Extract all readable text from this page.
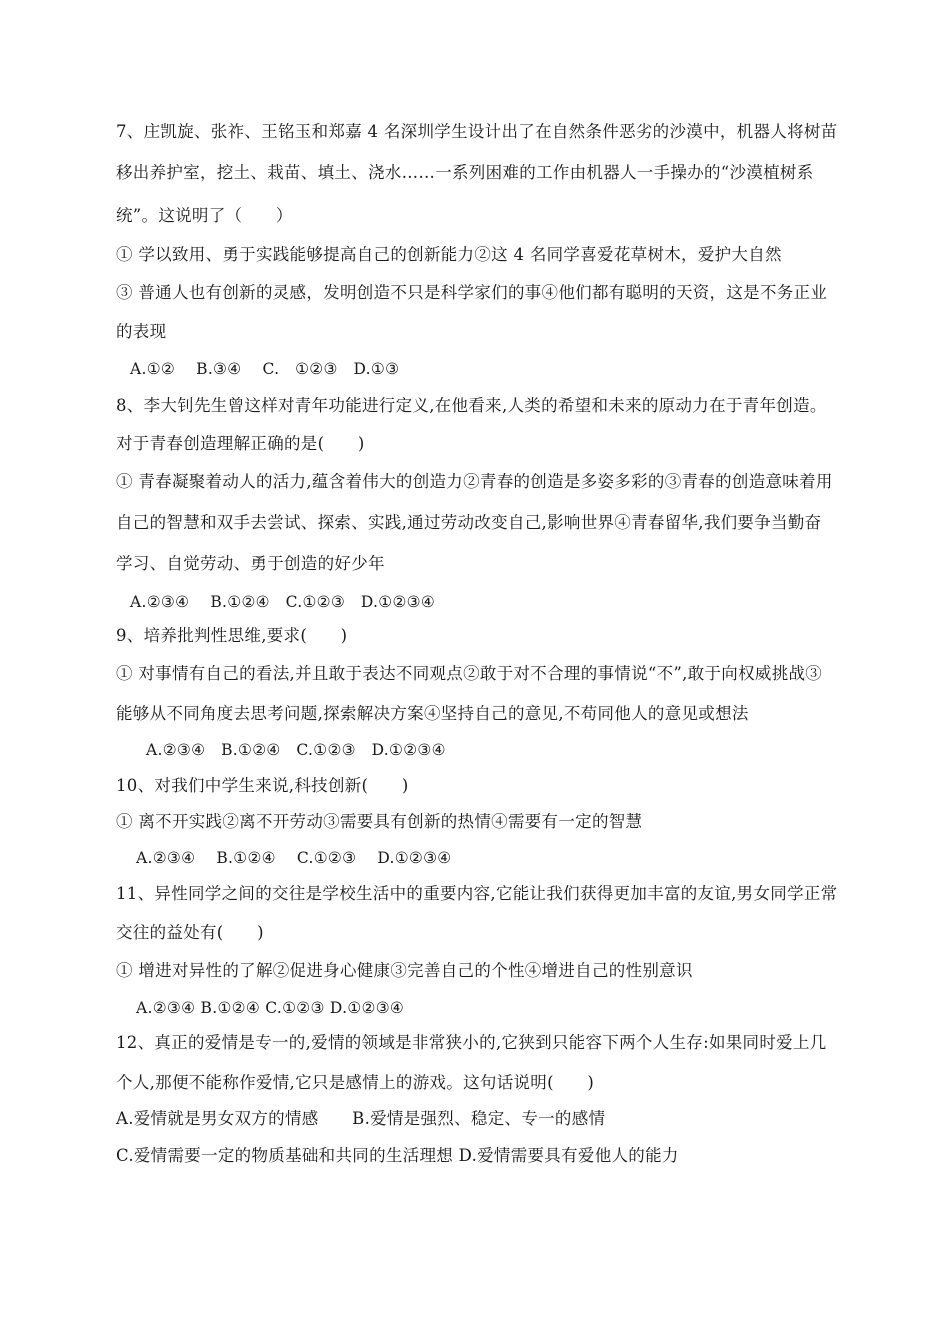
7、庄凯旋、张祚、王铭玉和郑嘉 4 名深圳学生设计出了在自然条件恶劣的沙漠中，机器人将树苗
移出养护室，挖土、栽苗、填土、浇水……一系列困难的工作由机器人一手操办的“沙漠植树系
统”。这说明了（　　）
① 学以致用、勇于实践能够提高自己的创新能力②这 4 名同学喜爱花草树木，爱护大自然
③ 普通人也有创新的灵感，发明创造不只是科学家们的事④他们都有聪明的天资，这是不务正业
的表现
A.①②　 B.③④　 C.　①②③　D.①③
8、李大钊先生曾这样对青年功能进行定义,在他看来,人类的希望和未来的原动力在于青年创造。
对于青春创造理解正确的是(　　)
① 青春凝聚着动人的活力,蕴含着伟大的创造力②青春的创造是多姿多彩的③青春的创造意味着用
自己的智慧和双手去尝试、探索、实践,通过劳动改变自己,影响世界④青春留华,我们要争当勤奋
学习、自觉劳动、勇于创造的好少年
A.②③④　 B.①②④　C.①②③　D.①②③④
9、培养批判性思维,要求(　　)
① 对事情有自己的看法,并且敢于表达不同观点②敢于对不合理的事情说“不”,敢于向权威挑战③
能够从不同角度去思考问题,探索解决方案④坚持自己的意见,不苟同他人的意见或想法
A.②③④　B.①②④　C.①②③　D.①②③④
10、对我们中学生来说,科技创新(　　)
① 离不开实践②离不开劳动③需要具有创新的热情④需要有一定的智慧
A.②③④　 B.①②④ 　C.①②③　 D.①②③④
11、异性同学之间的交往是学校生活中的重要内容,它能让我们获得更加丰富的友谊,男女同学正常
交往的益处有(　　)
① 增进对异性的了解②促进身心健康③完善自己的个性④增进自己的性别意识
A.②③④ B.①②④ C.①②③ D.①②③④
12、真正的爱情是专一的,爱情的领域是非常狭小的,它狭到只能容下两个人生存:如果同时爱上几
个人,那便不能称作爱情,它只是感情上的游戏。这句话说明(　　)
A.爱情就是男女双方的情感　　B.爱情是强烈、稳定、专一的感情
C.爱情需要一定的物质基础和共同的生活理想 D.爱情需要具有爱他人的能力
